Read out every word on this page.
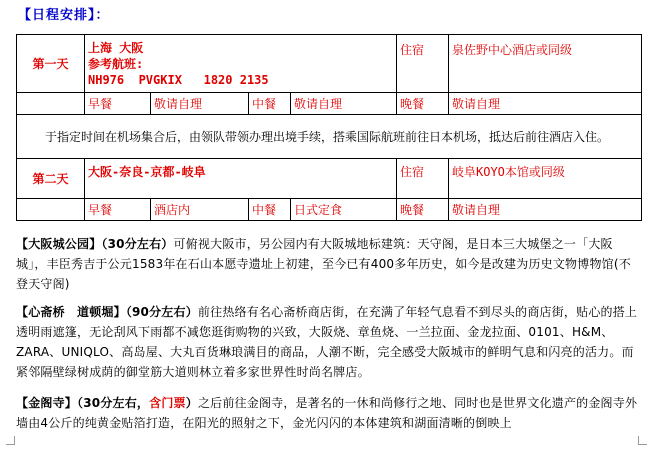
【日程安排】：
第一天	上海 大阪
参考航班:
NH976  PVGKIX   1820 2135				住宿	泉佐野中心酒店或同级
	早餐	敬请自理	中餐	敬请自理	晚餐	敬请自理
于指定时间在机场集合后，由领队带领办理出境手续，搭乘国际航班前往日本机场，抵达后前往酒店入住。						
第二天	大阪-奈良-京都-岐阜				住宿	岐阜KOYO本馆或同级
	早餐	酒店内	中餐	日式定食	晚餐	敬请自理
【大阪城公园】（30分左右）可俯视大阪市，另公园内有大阪城地标建筑：天守阁，是日本三大城堡之一「大阪城」，丰臣秀吉于公元1583年在石山本愿寺遗址上初建，至今已有400多年历史，如今是改建为历史文物博物馆(不登天守阁)
【心斋桥　道顿堀】（90分左右）前往热络有名心斋桥商店街，在充满了年轻气息看不到尽头的商店街，贴心的搭上透明雨遮篷，无论刮风下雨都不减您逛街购物的兴致，大阪烧、章鱼烧、一兰拉面、金龙拉面、0101、H&M、ZARA、UNIQLO、高岛屋、大丸百货琳琅满目的商品，人潮不断，完全感受大阪城市的鲜明气息和闪亮的活力。而紧邻隔壁绿树成荫的御堂筋大道则林立着多家世界性时尚名牌店。
【金阁寺】（30分左右，含门票）之后前往金阁寺，是著名的一休和尚修行之地、同时也是世界文化遗产的金阁寺外墙由4公斤的纯黄金贴箔打造，在阳光的照射之下，金光闪闪的本体建筑和湖面清晰的倒映上
